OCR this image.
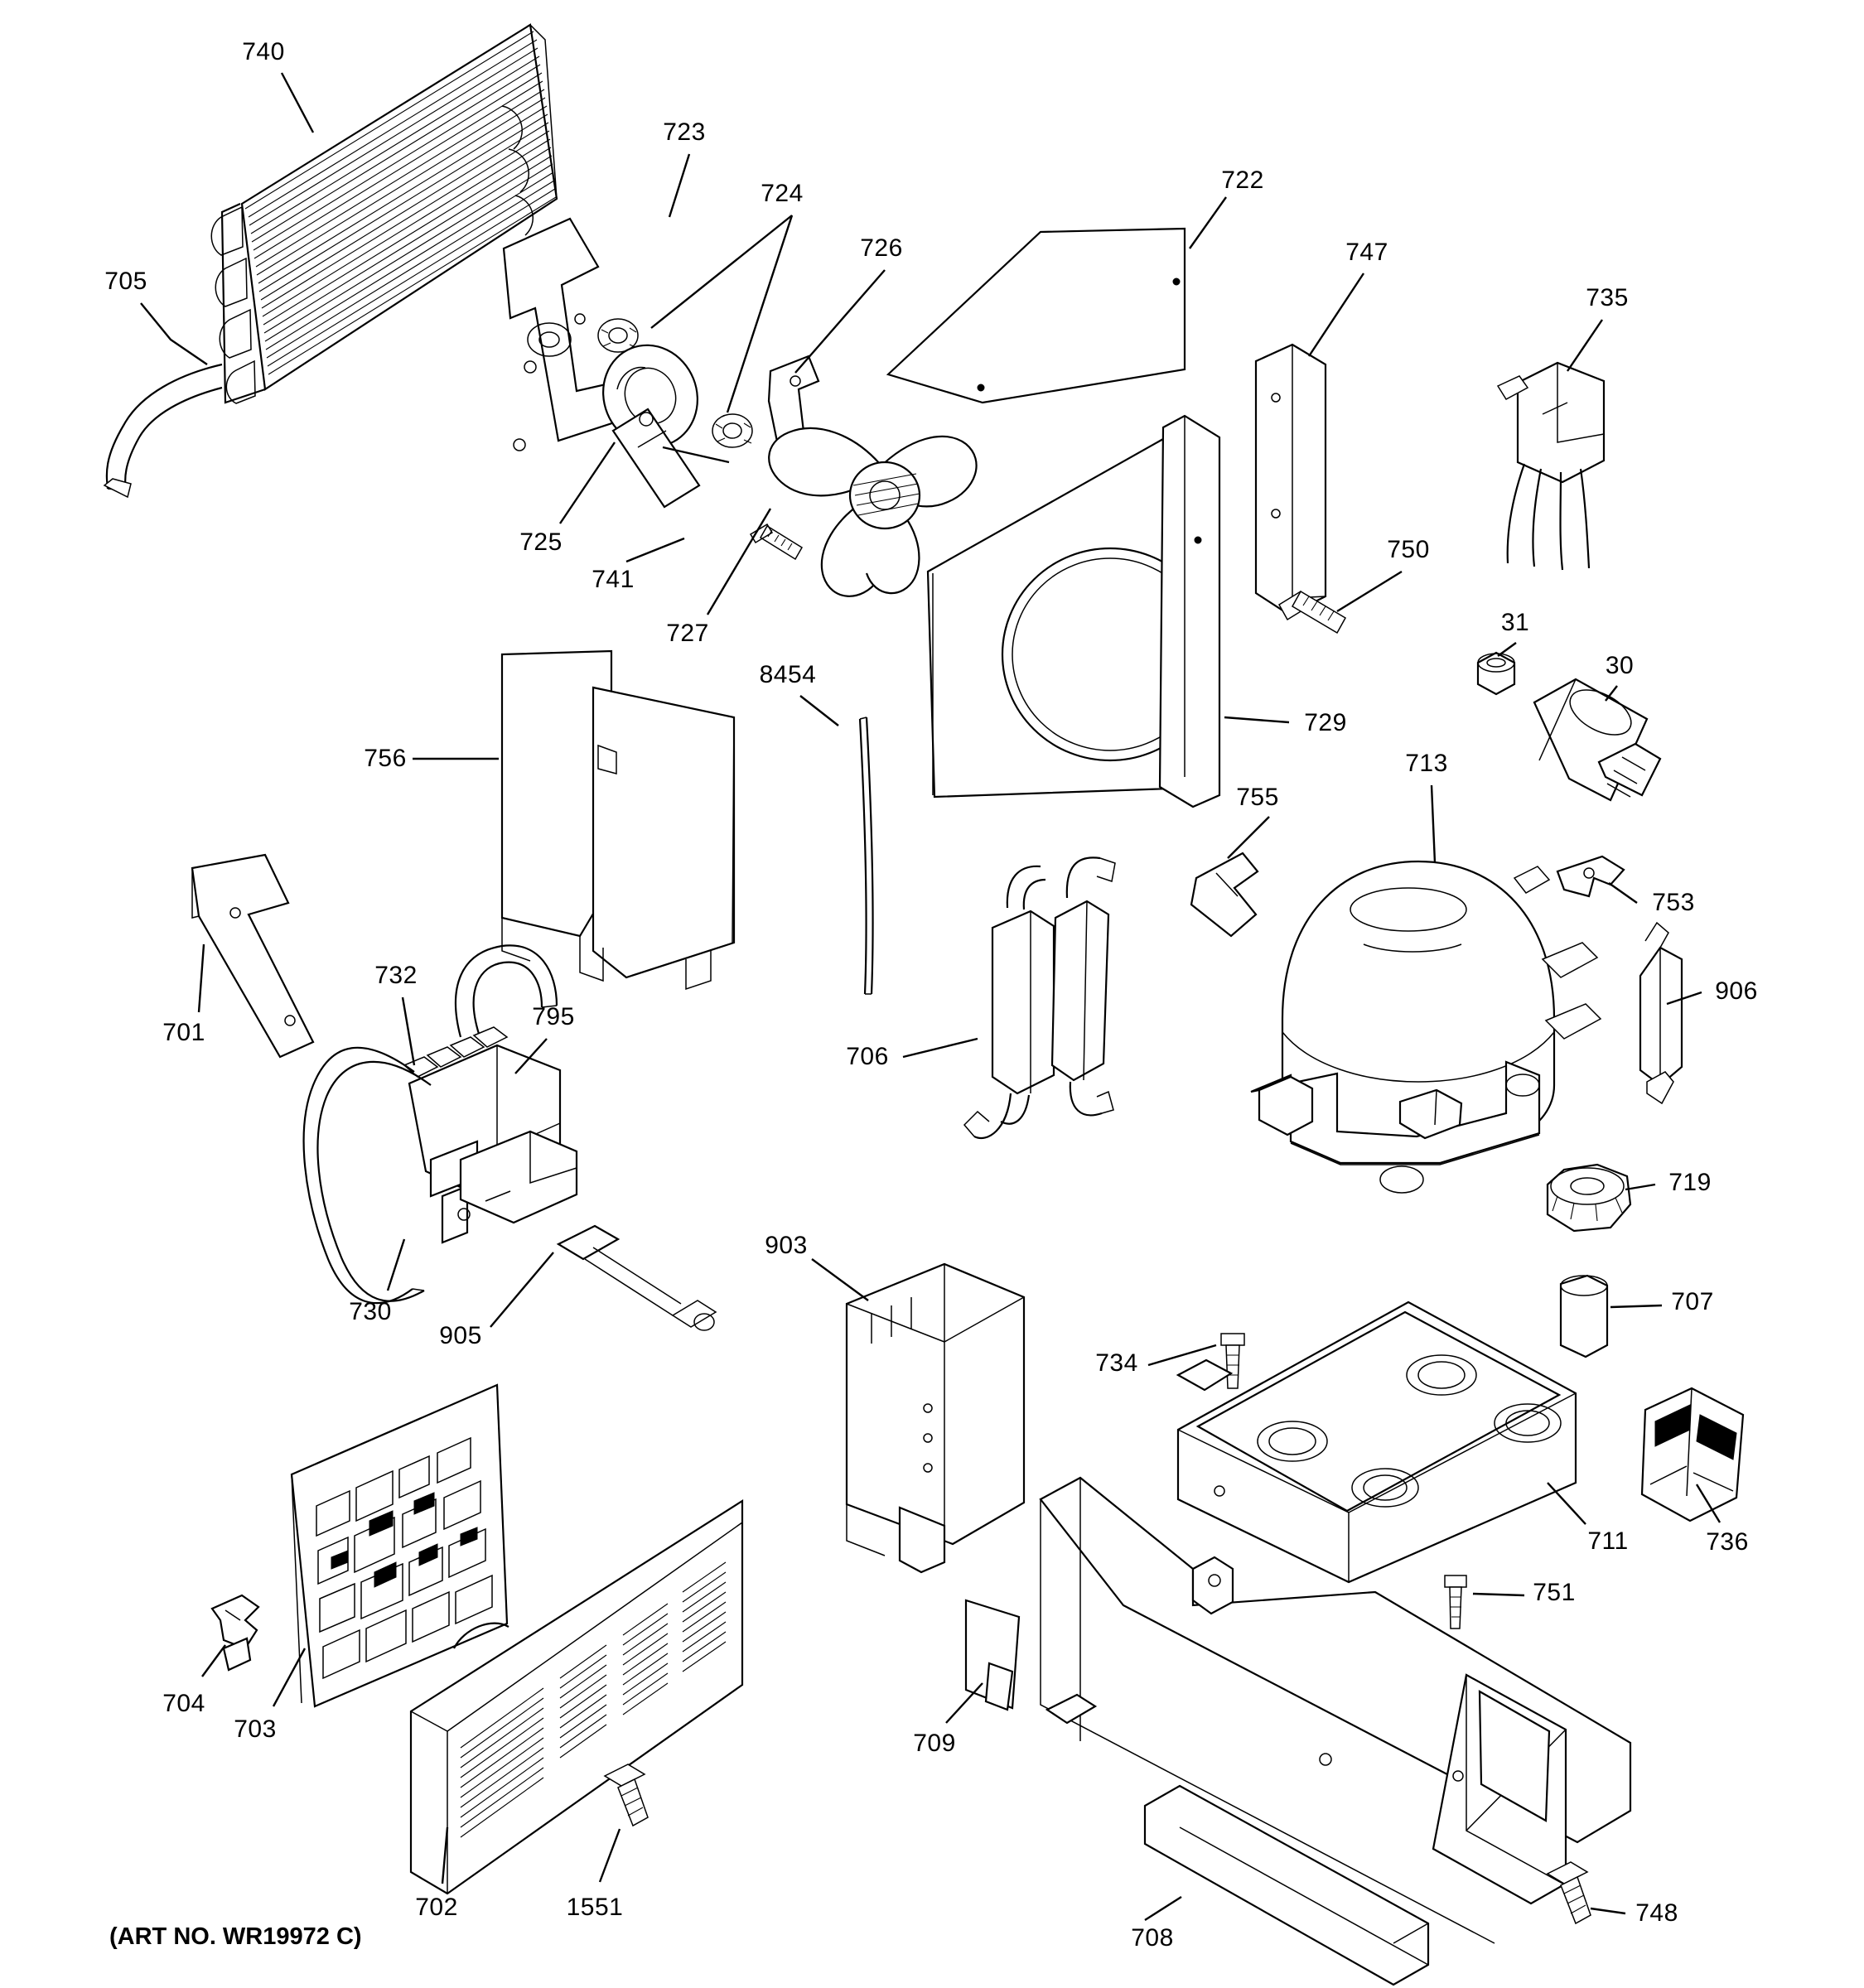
740
705
723
724
726
725
741
727
722
747
735
750
729
31
30
755
713
753
906
719
756
8454
706
701
732
795
730
905
903
734
707
711	736
751
704
703
709
702	1551
708
748
(ART NO. WR19972 C)
